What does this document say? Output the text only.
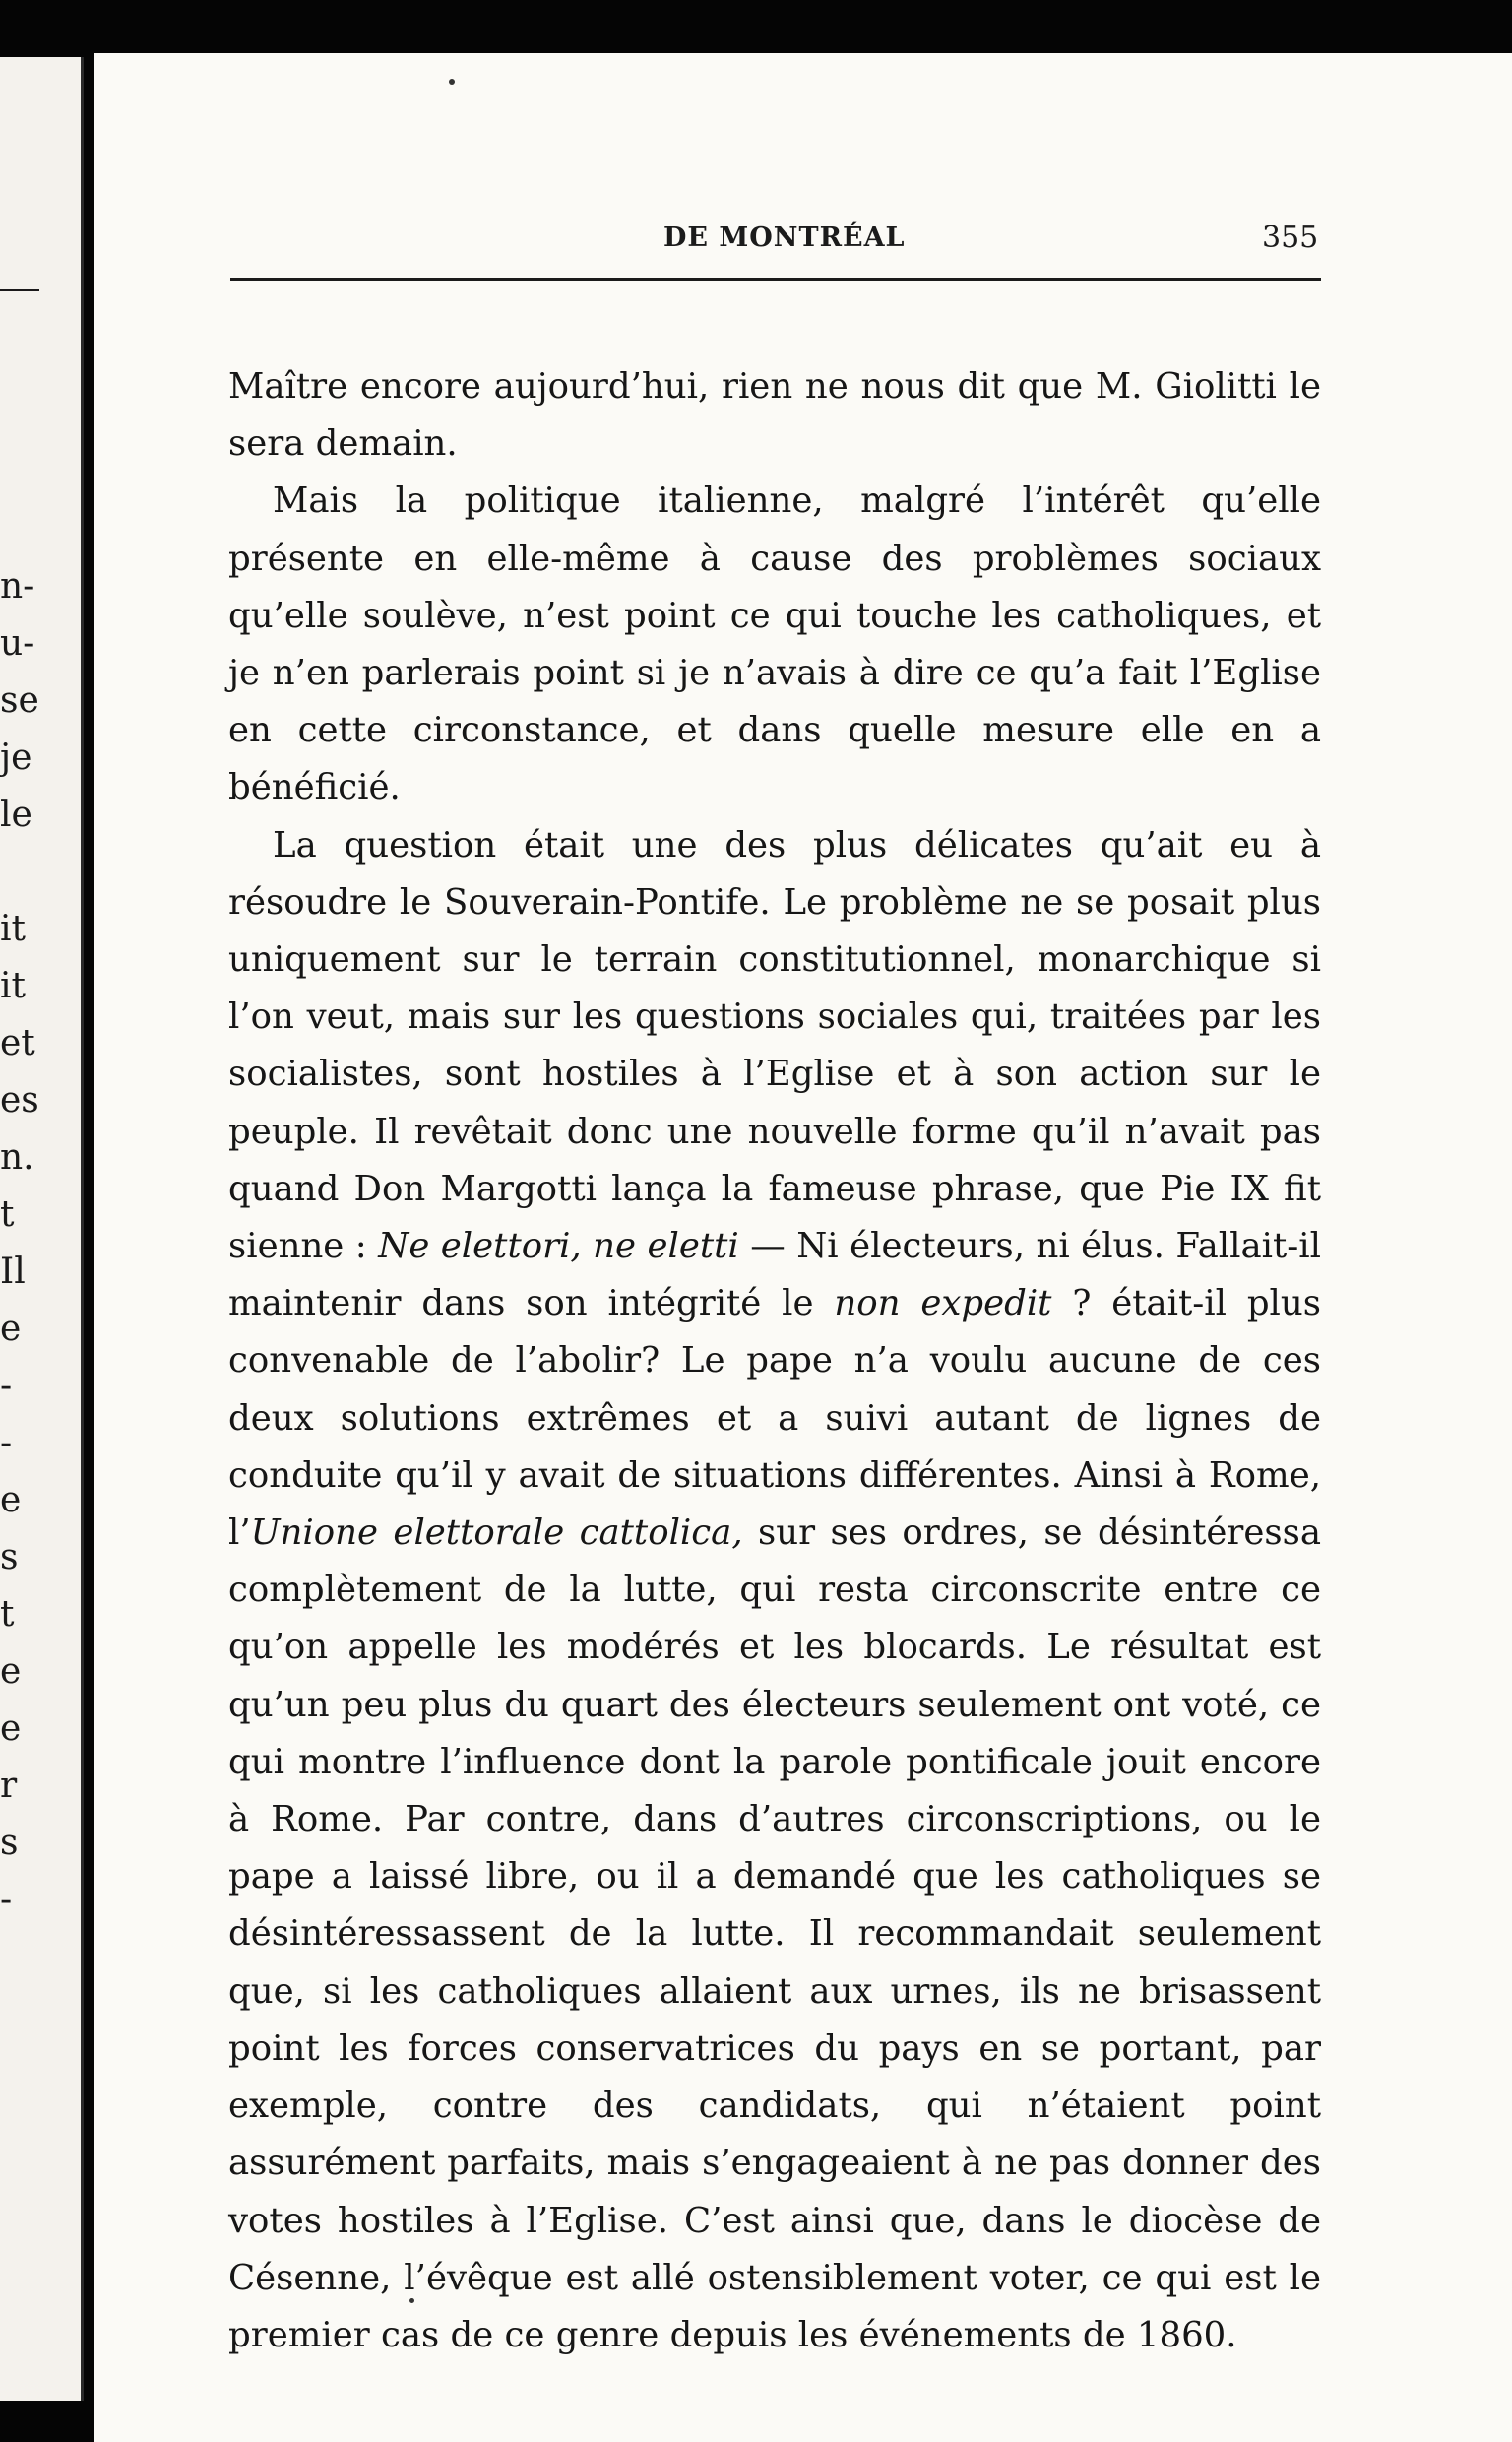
n-
u-
se
je
le
it
it
et
es
n.
t
Il
e
-
-
e
s
t
e
e
r
s
-
DE MONTRÉAL	355

Maître encore aujourd’hui, rien ne nous dit que M. Giolitti le sera demain.

Mais la politique italienne, malgré l’intérêt qu’elle présente en elle-même à cause des problèmes sociaux qu’elle soulève, n’est point ce qui touche les catholiques, et je n’en parlerais point si je n’avais à dire ce qu’a fait l’Eglise en cette circonstance, et dans quelle mesure elle en a bénéficié.

La question était une des plus délicates qu’ait eu à résoudre le Souverain-Pontife. Le problème ne se posait plus uniquement sur le terrain constitutionnel, monarchique si l’on veut, mais sur les questions sociales qui, traitées par les socialistes, sont hostiles à l’Eglise et à son action sur le peuple. Il revêtait donc une nouvelle forme qu’il n’avait pas quand Don Margotti lança la fameuse phrase, que Pie IX fit sienne : Ne elettori, ne eletti — Ni électeurs, ni élus. Fallait-il maintenir dans son intégrité le non expedit ? était-il plus convenable de l’abolir? Le pape n’a voulu aucune de ces deux solutions extrêmes et a suivi autant de lignes de conduite qu’il y avait de situations différentes. Ainsi à Rome, l’Unione elettorale cattolica, sur ses ordres, se désintéressa complètement de la lutte, qui resta circonscrite entre ce qu’on appelle les modérés et les blocards. Le résultat est qu’un peu plus du quart des électeurs seulement ont voté, ce qui montre l’influence dont la parole pontificale jouit encore à Rome. Par contre, dans d’autres circonscriptions, ou le pape a laissé libre, ou il a demandé que les catholiques se désintéressassent de la lutte. Il recommandait seulement que, si les catholiques allaient aux urnes, ils ne brisassent point les forces conservatrices du pays en se portant, par exemple, contre des candidats, qui n’étaient point assurément parfaits, mais s’engageaient à ne pas donner des votes hostiles à l’Eglise. C’est ainsi que, dans le diocèse de Césenne, l’évêque est allé ostensiblement voter, ce qui est le premier cas de ce genre depuis les événements de 1860.
